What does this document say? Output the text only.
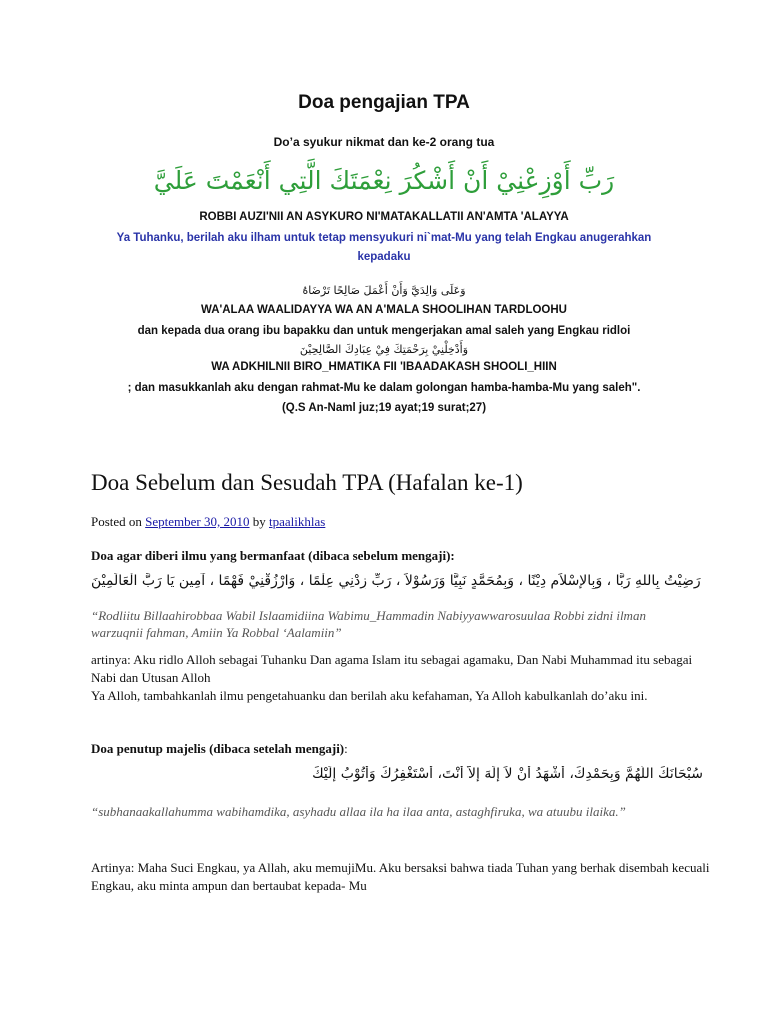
Doa pengajian TPA
Do’a syukur nikmat dan ke-2 orang tua
رَبِّ أَوْزِعْنِيْ أَنْ أَشْكُرَ نِعْمَتَكَ الَّتِي أَنْعَمْتَ عَلَيَّ
ROBBI AUZI'NII AN ASYKURO NI'MATAKALLATII AN'AMTA 'ALAYYA
Ya Tuhanku, berilah aku ilham untuk tetap mensyukuri ni`mat-Mu yang telah Engkau anugerahkan kepadaku
وَعَلَى وَالِدَيَّ وَأَنْ أَعْمَلَ صَالِحًا تَرْضَاهُ
WA'ALAA WAALIDAYYA WA AN A'MALA SHOOLIHAN TARDLOOHU
dan kepada dua orang ibu bapakku dan untuk mengerjakan amal saleh yang Engkau ridloi
وَأَدْخِلْنِيْ بِرَحْمَتِكَ فِيْ عِبَادِكَ الصَّالِحِيْنَ
WA ADKHILNII BIRO_HMATIKA FII 'IBAADAKASH SHOOLI_HIIN
; dan masukkanlah aku dengan rahmat-Mu ke dalam golongan hamba-hamba-Mu yang saleh".
(Q.S An-Naml juz;19 ayat;19 surat;27)
Doa Sebelum dan Sesudah TPA (Hafalan ke-1)
Posted on September 30, 2010 by tpaalikhlas
Doa agar diberi ilmu yang bermanfaat (dibaca sebelum mengaji):
رَضِيْتُ بِاللهِ رَبًّا ، وَبِالإِسْلاَمِ دِيْنًا ، وَبِمُحَمَّدٍ نَبِيًّا وَرَسُوْلاً ، رَبِّ زِدْنِي عِلْمًا ، وَارْزُقْنِيْ فَهْمًا ، آمِين يَا رَبَّ الْعَالَمِيْنَ
“Rodliitu Billaahirobbaa Wabil Islaamidiina Wabimu_Hammadin Nabiyyawwarosuulaa Robbi zidni ilman warzuqnii fahman, Amiin Ya Robbal ‘Aalamiin”
artinya: Aku ridlo Alloh sebagai Tuhanku Dan agama Islam itu sebagai agamaku, Dan Nabi Muhammad itu sebagai Nabi dan Utusan Alloh
Ya Alloh, tambahkanlah ilmu pengetahuanku dan berilah aku kefahaman, Ya Alloh kabulkanlah do’aku ini.
Doa penutup majelis (dibaca setelah mengaji):
سُبْحَانَكَ اللَّهُمَّ وَبِحَمْدِكَ، أَشْهَدُ أَنْ لاَ إِلَهَ إِلاَّ أَنْتَ، أَسْتَغْفِرُكَ وَأَتُوْبُ إِلَيْكَ
“subhanaakallahumma wabihamdika, asyhadu allaa ila ha ilaa anta, astaghfiruka, wa atuubu ilaika.”
Artinya: Maha Suci Engkau, ya Allah, aku memujiMu. Aku bersaksi bahwa tiada Tuhan yang berhak disembah kecuali Engkau, aku minta ampun dan bertaubat kepada- Mu
